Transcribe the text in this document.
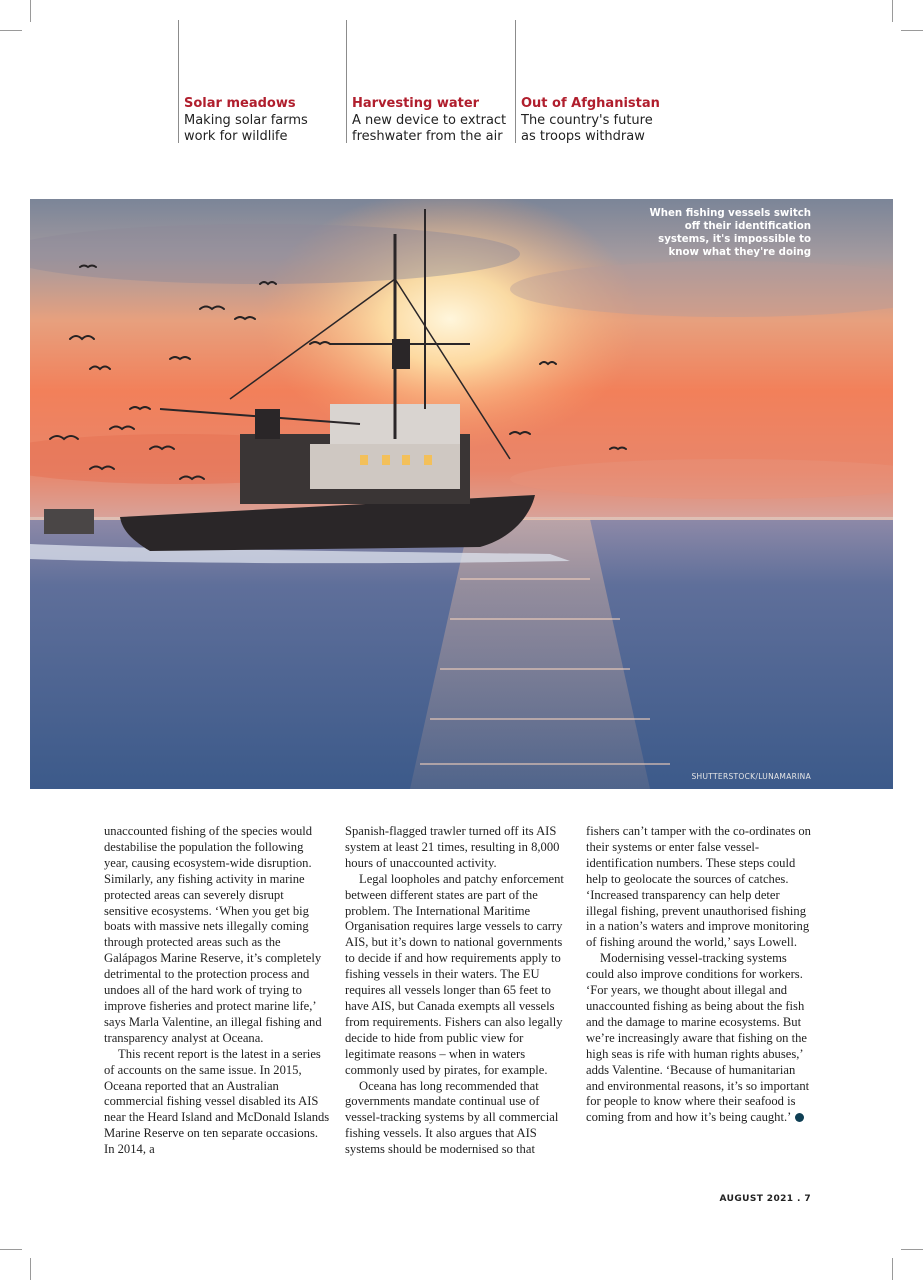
Solar meadows
Making solar farms
work for wildlife
Harvesting water
A new device to extract
freshwater from the air
Out of Afghanistan
The country's future
as troops withdraw
When fishing vessels switch off their identification systems, it's impossible to know what they're doing
SHUTTERSTOCK/LUNAMARINA

unaccounted fishing of the species would destabilise the population the following year, causing ecosystem-wide disruption. Similarly, any fishing activity in marine protected areas can severely disrupt sensitive ecosystems. ‘When you get big boats with massive nets illegally coming through protected areas such as the Galápagos Marine Reserve, it’s completely detrimental to the protection process and undoes all of the hard work of trying to improve fisheries and protect marine life,’ says Marla Valentine, an illegal fishing and transparency analyst at Oceana.

This recent report is the latest in a series of accounts on the same issue. In 2015, Oceana reported that an Australian commercial fishing vessel disabled its AIS near the Heard Island and McDonald Islands Marine Reserve on ten separate occasions. In 2014, a

Spanish-flagged trawler turned off its AIS system at least 21 times, resulting in 8,000 hours of unaccounted activity.

Legal loopholes and patchy enforcement between different states are part of the problem. The International Maritime Organisation requires large vessels to carry AIS, but it’s down to national governments to decide if and how requirements apply to fishing vessels in their waters. The EU requires all vessels longer than 65 feet to have AIS, but Canada exempts all vessels from requirements. Fishers can also legally decide to hide from public view for legitimate reasons – when in waters commonly used by pirates, for example.

Oceana has long recommended that governments mandate continual use of vessel-tracking systems by all commercial fishing vessels. It also argues that AIS systems should be modernised so that

fishers can’t tamper with the co-ordinates on their systems or enter false vessel-identification numbers. These steps could help to geolocate the sources of catches. ‘Increased transparency can help deter illegal fishing, prevent unauthorised fishing in a nation’s waters and improve monitoring of fishing around the world,’ says Lowell.

Modernising vessel-tracking systems could also improve conditions for workers. ‘For years, we thought about illegal and unaccounted fishing as being about the fish and the damage to marine ecosystems. But we’re increasingly aware that fishing on the high seas is rife with human rights abuses,’ adds Valentine. ‘Because of humanitarian and environmental reasons, it’s so important for people to know where their seafood is coming from and how it’s being caught.’

AUGUST 2021 . 7
